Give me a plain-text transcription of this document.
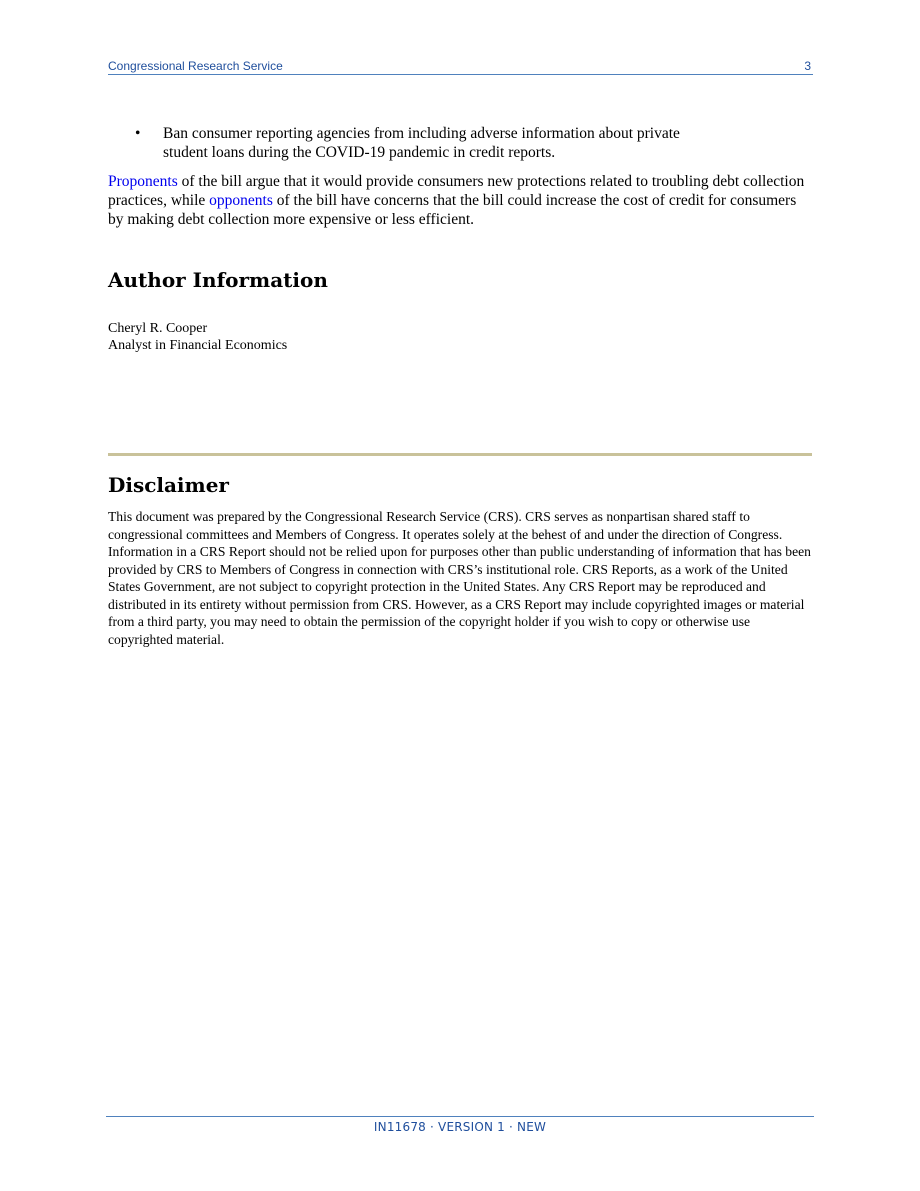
Congressional Research Service	3
• Ban consumer reporting agencies from including adverse information about private
student loans during the COVID-19 pandemic in credit reports.

Proponents of the bill argue that it would provide consumers new protections related to troubling debt collection practices, while opponents of the bill have concerns that the bill could increase the cost of credit for consumers by making debt collection more expensive or less efficient.

Author Information
Cheryl R. Cooper
Analyst in Financial Economics
Disclaimer
This document was prepared by the Congressional Research Service (CRS). CRS serves as nonpartisan shared staff to congressional committees and Members of Congress. It operates solely at the behest of and under the direction of Congress. Information in a CRS Report should not be relied upon for purposes other than public understanding of information that has been provided by CRS to Members of Congress in connection with CRS’s institutional role. CRS Reports, as a work of the United States Government, are not subject to copyright protection in the United States. Any CRS Report may be reproduced and distributed in its entirety without permission from CRS. However, as a CRS Report may include copyrighted images or material from a third party, you may need to obtain the permission of the copyright holder if you wish to copy or otherwise use copyrighted material.
IN11678 · VERSION 1 · NEW
